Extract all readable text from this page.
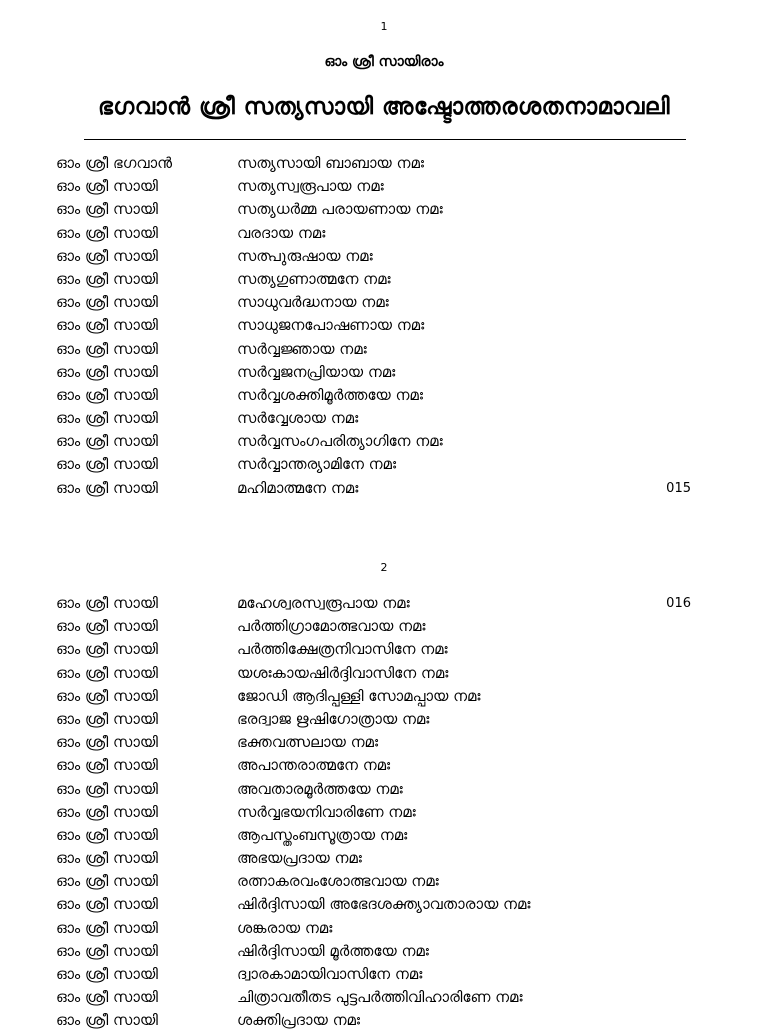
1
ഓം ശ്രീ സായിരാം
ഭഗവാൻ ശ്രീ സത്യസായി അഷ്ടോത്തരശതനാമാവലി
ഓം ശ്രീ ഭഗവാൻ	സത്യസായി ബാബായ നമഃ
ഓം ശ്രീ സായി	സത്യസ്വരൂപായ നമഃ
ഓം ശ്രീ സായി	സത്യധർമ്മ പരായണായ നമഃ
ഓം ശ്രീ സായി	വരദായ നമഃ
ഓം ശ്രീ സായി	സത്പുരുഷായ നമഃ
ഓം ശ്രീ സായി	സത്യഗുണാത്മനേ നമഃ
ഓം ശ്രീ സായി	സാധുവർദ്ധനായ നമഃ
ഓം ശ്രീ സായി	സാധുജനപോഷണായ നമഃ
ഓം ശ്രീ സായി	സർവ്വജ്ഞായ നമഃ
ഓം ശ്രീ സായി	സർവ്വജനപ്രിയായ നമഃ
ഓം ശ്രീ സായി	സർവ്വശക്തിമൂർത്തയേ നമഃ
ഓം ശ്രീ സായി	സർവ്വേശായ നമഃ
ഓം ശ്രീ സായി	സർവ്വസംഗപരിത്യാഗിനേ നമഃ
ഓം ശ്രീ സായി	സർവ്വാന്തര്യാമിനേ നമഃ
ഓം ശ്രീ സായി	മഹിമാത്മനേ നമഃ	015
2
ഓം ശ്രീ സായി	മഹേശ്വരസ്വരൂപായ നമഃ	016
ഓം ശ്രീ സായി	പർത്തിഗ്രാമോത്ഭവായ നമഃ
ഓം ശ്രീ സായി	പർത്തിക്ഷേത്രനിവാസിനേ നമഃ
ഓം ശ്രീ സായി	യശഃകായഷിർദ്ദിവാസിനേ നമഃ
ഓം ശ്രീ സായി	ജോഡി ആദിപ്പള്ളി സോമപ്പായ നമഃ
ഓം ശ്രീ സായി	ഭരദ്വാജ ഋഷിഗോത്രായ നമഃ
ഓം ശ്രീ സായി	ഭക്തവത്സലായ നമഃ
ഓം ശ്രീ സായി	അപാന്തരാത്മനേ നമഃ
ഓം ശ്രീ സായി	അവതാരമൂർത്തയേ നമഃ
ഓം ശ്രീ സായി	സർവ്വഭയനിവാരിണേ നമഃ
ഓം ശ്രീ സായി	ആപസ്തംബസൂത്രായ നമഃ
ഓം ശ്രീ സായി	അഭയപ്രദായ നമഃ
ഓം ശ്രീ സായി	രത്നാകരവംശോത്ഭവായ നമഃ
ഓം ശ്രീ സായി	ഷിർദ്ദിസായി അഭേദശക്ത്യാവതാരായ നമഃ
ഓം ശ്രീ സായി	ശങ്കരായ നമഃ
ഓം ശ്രീ സായി	ഷിർദ്ദിസായി മൂർത്തയേ നമഃ
ഓം ശ്രീ സായി	ദ്വാരകാമായിവാസിനേ നമഃ
ഓം ശ്രീ സായി	ചിത്രാവതീതട പുട്ടപർത്തിവിഹാരിണേ നമഃ
ഓം ശ്രീ സായി	ശക്തിപ്രദായ നമഃ
